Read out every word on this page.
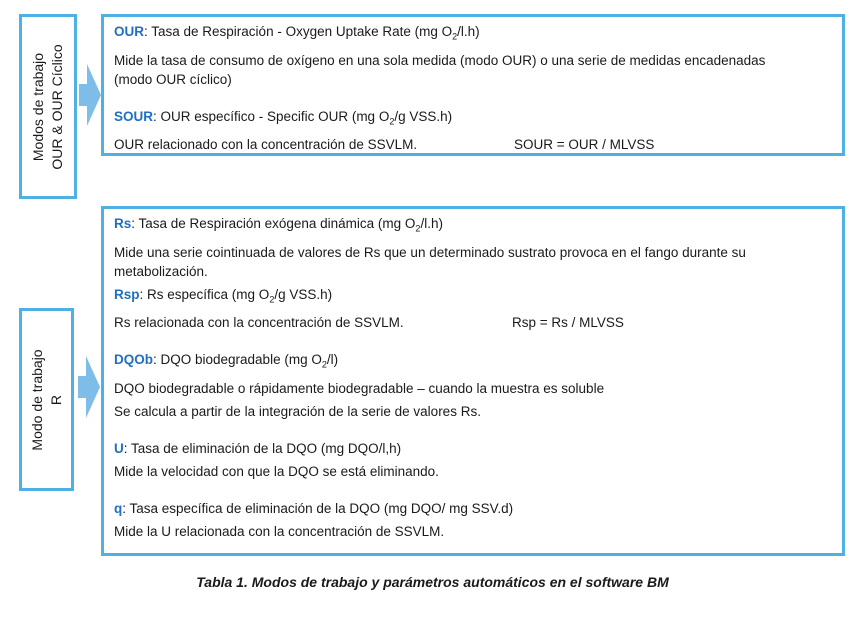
Modos de trabajo OUR & OUR Cíclico
OUR: Tasa de Respiración - Oxygen Uptake Rate (mg $O_2/l.h$)
Mide la tasa de consumo de oxígeno en una sola medida (modo OUR) o una serie de medidas encadenadas (modo OUR cíclico)
SOUR: OUR específico - Specific OUR (mg $O_2/g$ VSS.h)
OUR relacionado con la concentración de SSVLM.	SOUR = OUR / MLVSS
Modo de trabajo R
Rs: Tasa de Respiración exógena dinámica (mg $O_2/l.h$)
Mide una serie cointinuada de valores de Rs que un determinado sustrato provoca en el fango durante su metabolización.
Rsp: Rs específica (mg $O_2/g$ VSS.h)
Rs relacionada con la concentración de SSVLM.	Rsp = Rs / MLVSS
DQOb: DQO biodegradable (mg $O_2/l$)
DQO biodegradable o rápidamente biodegradable – cuando la muestra es soluble
Se calcula a partir de la integración de la serie de valores Rs.
U: Tasa de eliminación de la DQO (mg DQO/l,h)
Mide la velocidad con que la DQO se está eliminando.
q: Tasa específica de eliminación de la DQO (mg DQO/ mg SSV.d)
Mide la U relacionada con la concentración de SSVLM.
Tabla 1. Modos de trabajo y parámetros automáticos en el software BM
